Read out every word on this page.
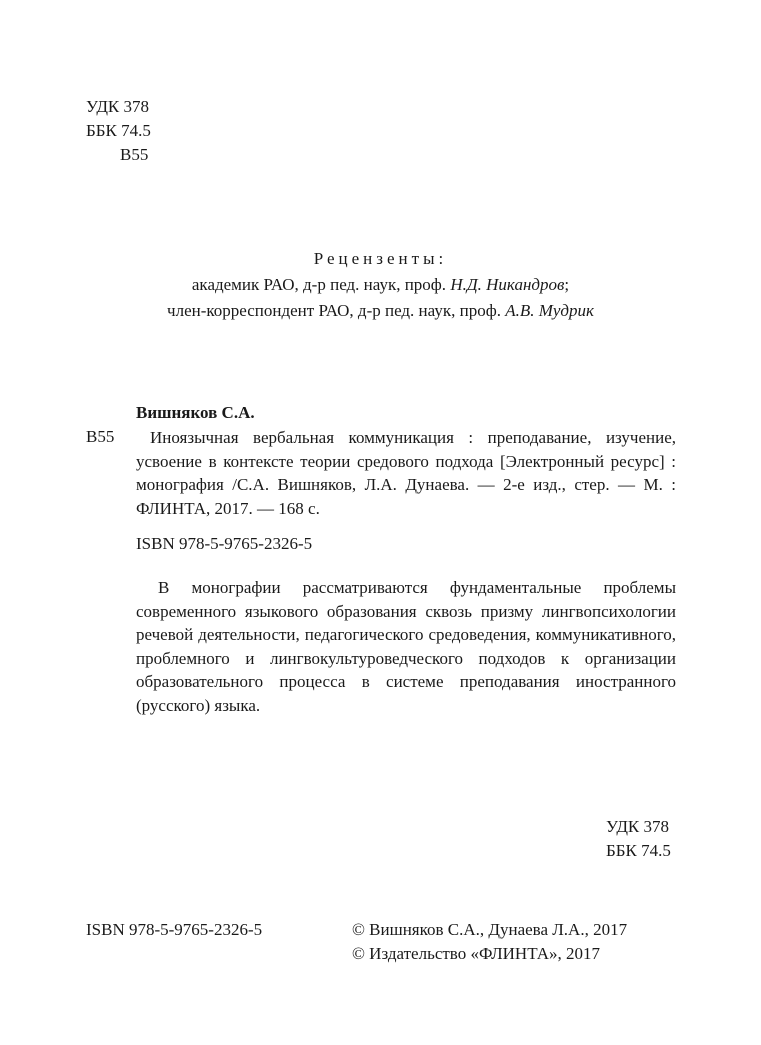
УДК 378
ББК 74.5
В55
Рецензенты:
академик РАО, д-р пед. наук, проф. Н.Д. Никандров;
член-корреспондент РАО, д-р пед. наук, проф. А.В. Мудрик
Вишняков С.А.
В55	Иноязычная вербальная коммуникация : преподавание, изучение, усвоение в контексте теории средового подхода [Электронный ресурс] : монография /С.А. Вишняков, Л.А. Дунаева. — 2-е изд., стер. — М. : ФЛИНТА, 2017. — 168 с.
ISBN 978-5-9765-2326-5
В монографии рассматриваются фундаментальные проблемы современного языкового образования сквозь призму лингвопсихологии речевой деятельности, педагогического средоведения, коммуникативного, проблемного и лингвокультуроведческого подходов к организации образовательного процесса в системе преподавания иностранного (русского) языка.
УДК 378
ББК 74.5
ISBN 978-5-9765-2326-5	© Вишняков С.А., Дунаева Л.А., 2017
© Издательство «ФЛИНТА», 2017
